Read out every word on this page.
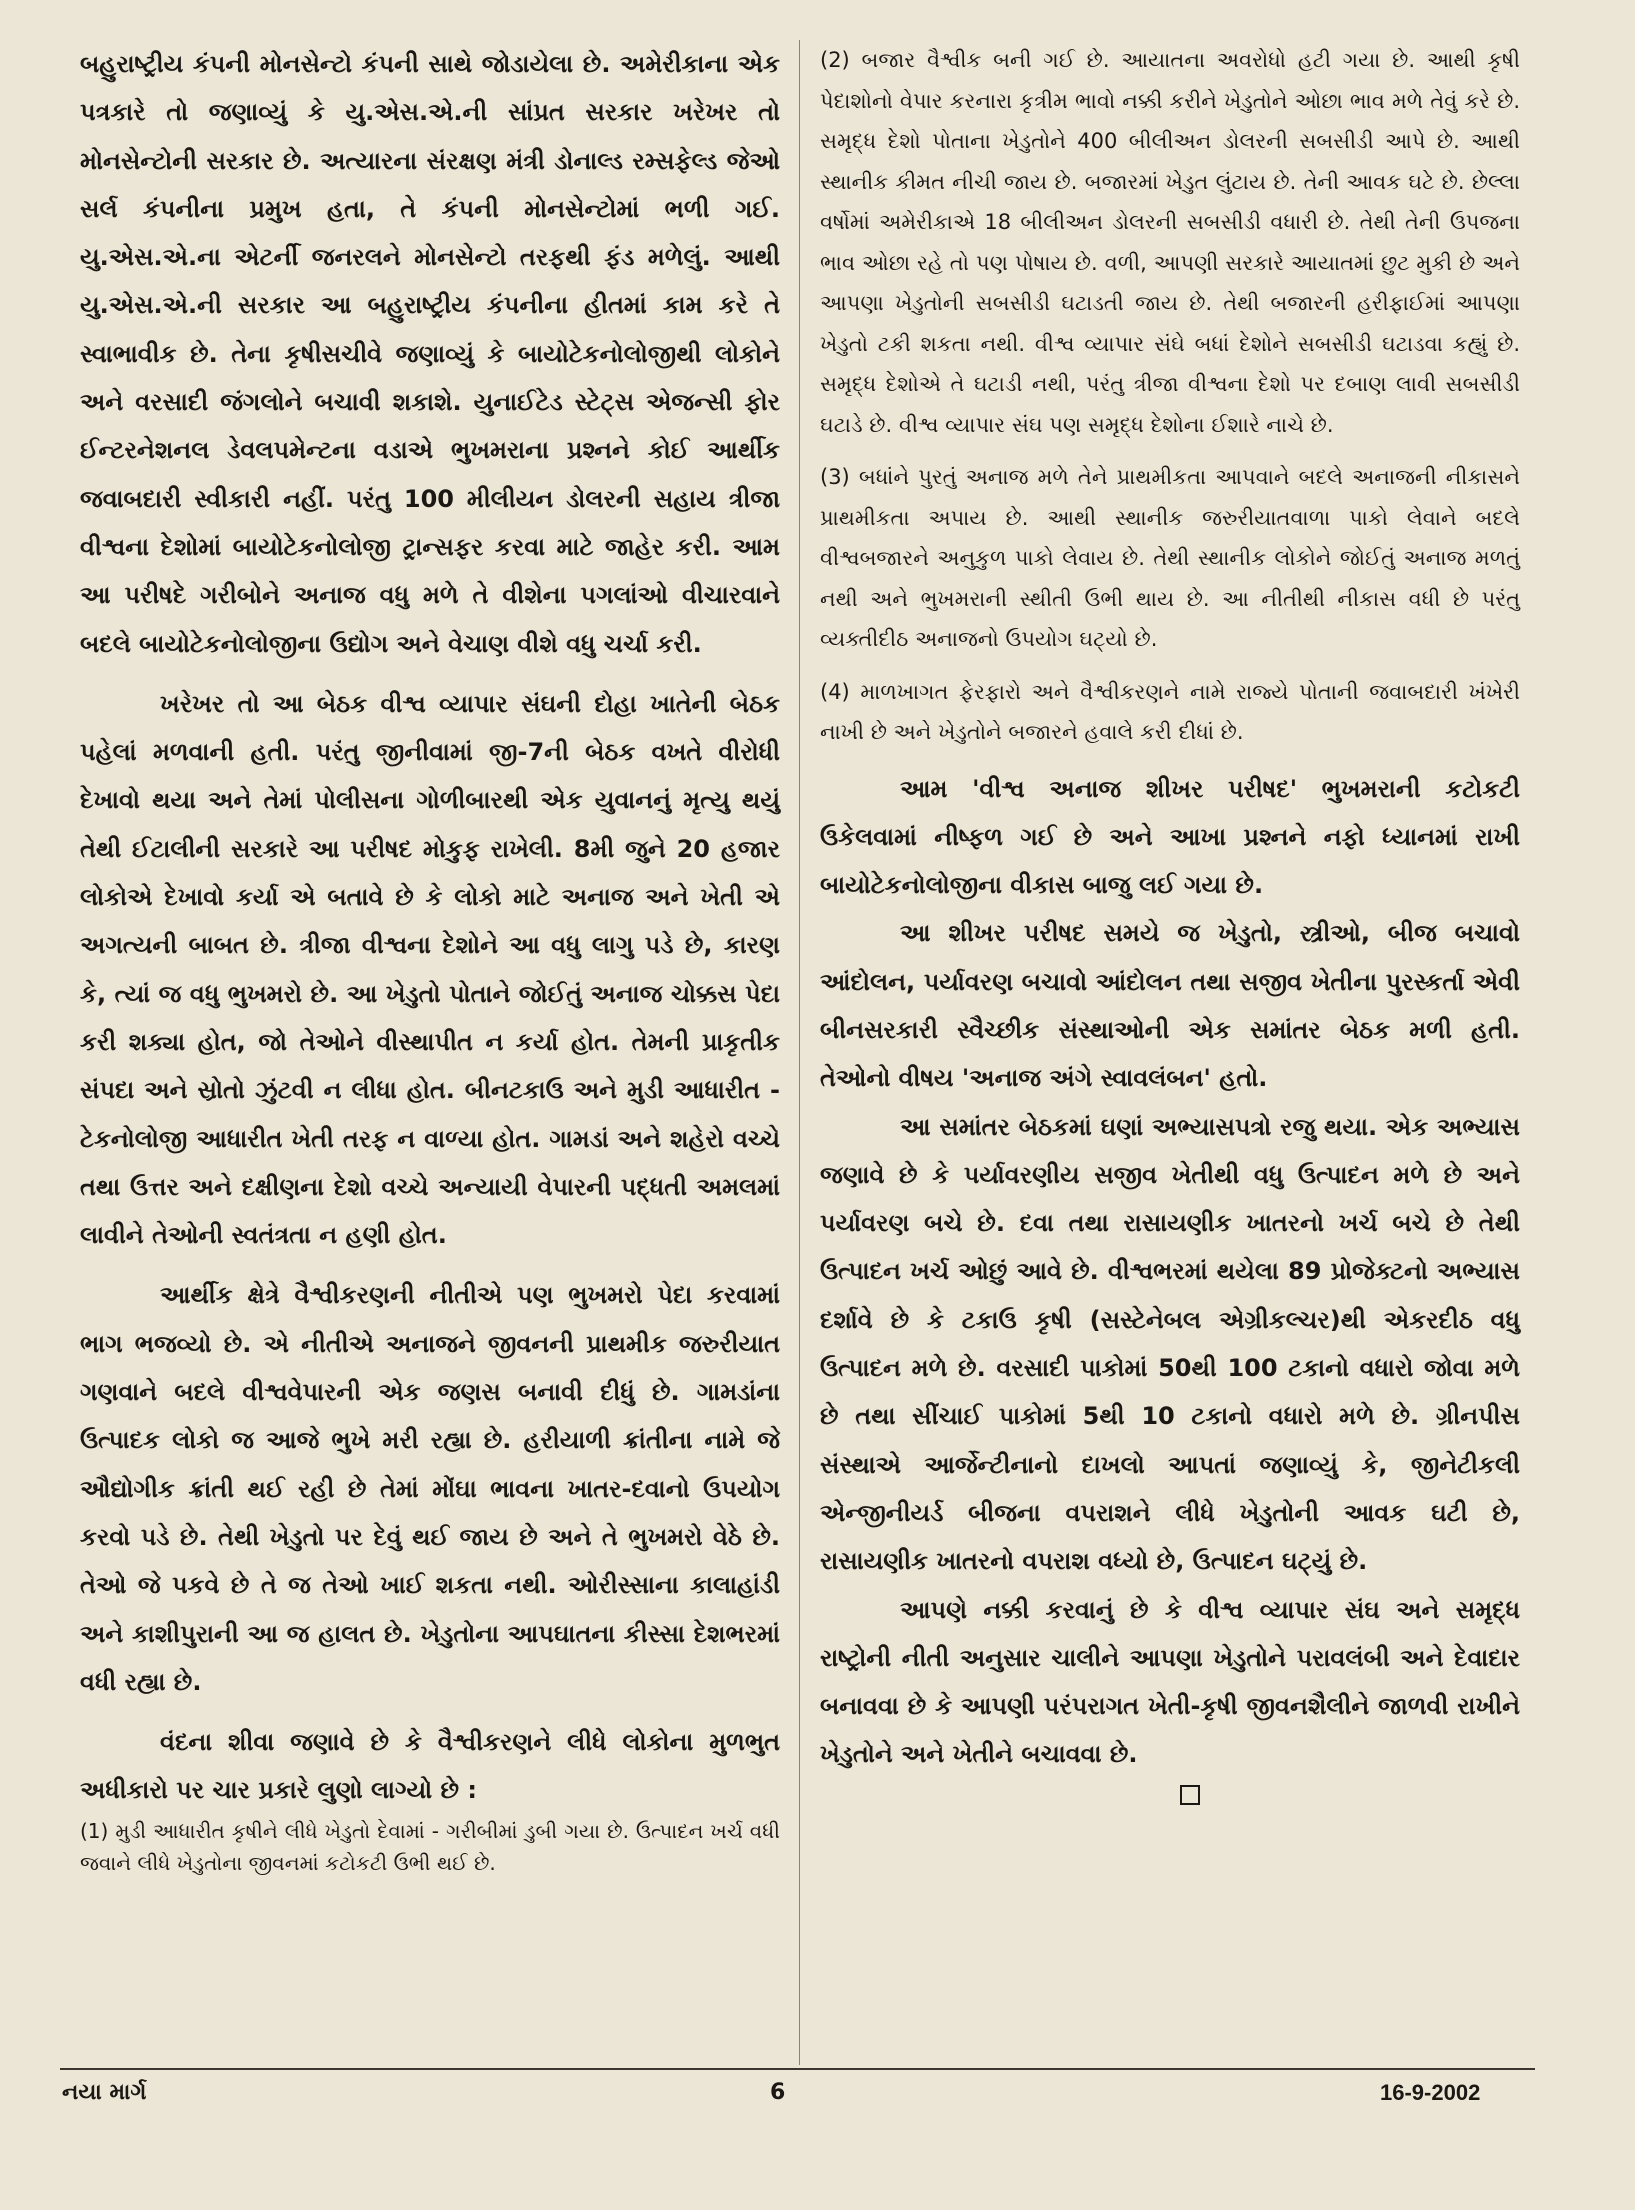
બહુરાષ્ટ્રીય કંપની મોનસેન્ટો કંપની સાથે જોડાયેલા છે. અમેરીકાના એક પત્રકારે તો જણાવ્યું કે યુ.એસ.એ.ની સાંપ્રત સરકાર ખરેખર તો મોનસેન્ટોની સરકાર છે. અત્યારના સંરક્ષણ મંત્રી ડોનાલ્ડ રમ્સફેલ્ડ જેઓ સર્લ કંપનીના પ્રમુખ હતા, તે કંપની મોનસેન્ટોમાં ભળી ગઈ. યુ.એસ.એ.ના એટર્ની જનરલને મોનસેન્ટો તરફથી ફંડ મળેલું. આથી યુ.એસ.એ.ની સરકાર આ બહુરાષ્ટ્રીય કંપનીના હીતમાં કામ કરે તે સ્વાભાવીક છે. તેના કૃષીસચીવે જણાવ્યું કે બાયોટેકનોલોજીથી લોકોને અને વરસાદી જંગલોને બચાવી શકાશે. યુનાઈટેડ સ્ટેટ્સ એજન્સી ફોર ઈન્ટરનેશનલ ડેવલપમેન્ટના વડાએ ભુખમરાના પ્રશ્નને કોઈ આર્થીક જવાબદારી સ્વીકારી નહીં. પરંતુ 100 મીલીયન ડોલરની સહાય ત્રીજા વીશ્વના દેશોમાં બાયોટેકનોલોજી ટ્રાન્સફર કરવા માટે જાહેર કરી. આમ આ પરીષદે ગરીબોને અનાજ વધુ મળે તે વીશેના પગલાંઓ વીચારવાને બદલે બાયોટેકનોલોજીના ઉદ્યોગ અને વેચાણ વીશે વધુ ચર્ચા કરી.

ખરેખર તો આ બેઠક વીશ્વ વ્યાપાર સંઘની દોહા ખાતેની બેઠક પહેલાં મળવાની હતી. પરંતુ જીનીવામાં જી-7ની બેઠક વખતે વીરોધી દેખાવો થયા અને તેમાં પોલીસના ગોળીબારથી એક યુવાનનું મૃત્યુ થયું તેથી ઈટાલીની સરકારે આ પરીષદ મોકુફ રાખેલી. 8મી જુને 20 હજાર લોકોએ દેખાવો કર્યા એ બતાવે છે કે લોકો માટે અનાજ અને ખેતી એ અગત્યની બાબત છે. ત્રીજા વીશ્વના દેશોને આ વધુ લાગુ પડે છે, કારણ કે, ત્યાં જ વધુ ભુખમરો છે. આ ખેડુતો પોતાને જોઈતું અનાજ ચોક્કસ પેદા કરી શક્યા હોત, જો તેઓને વીસ્થાપીત ન કર્યા હોત. તેમની પ્રાકૃતીક સંપદા અને સ્રોતો ઝુંટવી ન લીધા હોત. બીનટકાઉ અને મુડી આધારીત - ટેકનોલોજી આધારીત ખેતી તરફ ન વાળ્યા હોત. ગામડાં અને શહેરો વચ્ચે તથા ઉત્તર અને દક્ષીણના દેશો વચ્ચે અન્યાયી વેપારની પદ્ધતી અમલમાં લાવીને તેઓની સ્વતંત્રતા ન હણી હોત.

આર્થીક ક્ષેત્રે વૈશ્વીકરણની નીતીએ પણ ભુખમરો પેદા કરવામાં ભાગ ભજવ્યો છે. એ નીતીએ અનાજને જીવનની પ્રાથમીક જરુરીયાત ગણવાને બદલે વીશ્વવેપારની એક જણસ બનાવી દીધું છે. ગામડાંના ઉત્પાદક લોકો જ આજે ભુખે મરી રહ્યા છે. હરીયાળી ક્રાંતીના નામે જે ઔદ્યોગીક ક્રાંતી થઈ રહી છે તેમાં મોંઘા ભાવના ખાતર-દવાનો ઉપયોગ કરવો પડે છે. તેથી ખેડુતો પર દેવું થઈ જાય છે અને તે ભુખમરો વેઠે છે. તેઓ જે પકવે છે તે જ તેઓ ખાઈ શકતા નથી. ઓરીસ્સાના કાલાહાંડી અને કાશીપુરાની આ જ હાલત છે. ખેડુતોના આપઘાતના કીસ્સા દેશભરમાં વધી રહ્યા છે.

વંદના શીવા જણાવે છે કે વૈશ્વીકરણને લીધે લોકોના મુળભુત અધીકારો પર ચાર પ્રકારે લુણો લાગ્યો છે :

(1) મુડી આધારીત કૃષીને લીધે ખેડુતો દેવામાં - ગરીબીમાં ડુબી ગયા છે. ઉત્પાદન ખર્ચ વધી જવાને લીધે ખેડુતોના જીવનમાં કટોકટી ઉભી થઈ છે.

(2) બજાર વૈશ્વીક બની ગઈ છે. આયાતના અવરોધો હટી ગયા છે. આથી કૃષી પેદાશોનો વેપાર કરનારા કૃત્રીમ ભાવો નક્કી કરીને ખેડુતોને ઓછા ભાવ મળે તેવું કરે છે. સમૃદ્ધ દેશો પોતાના ખેડુતોને 400 બીલીઅન ડોલરની સબસીડી આપે છે. આથી સ્થાનીક કીમત નીચી જાય છે. બજારમાં ખેડુત લુંટાય છે. તેની આવક ઘટે છે. છેલ્લા વર્ષોમાં અમેરીકાએ 18 બીલીઅન ડોલરની સબસીડી વધારી છે. તેથી તેની ઉપજના ભાવ ઓછા રહે તો પણ પોષાય છે. વળી, આપણી સરકારે આયાતમાં છુટ મુકી છે અને આપણા ખેડુતોની સબસીડી ઘટાડતી જાય છે. તેથી બજારની હરીફાઈમાં આપણા ખેડુતો ટકી શકતા નથી. વીશ્વ વ્યાપાર સંઘે બધાં દેશોને સબસીડી ઘટાડવા કહ્યું છે. સમૃદ્ધ દેશોએ તે ઘટાડી નથી, પરંતુ ત્રીજા વીશ્વના દેશો પર દબાણ લાવી સબસીડી ઘટાડે છે. વીશ્વ વ્યાપાર સંઘ પણ સમૃદ્ધ દેશોના ઈશારે નાચે છે.

(3) બધાંને પુરતું અનાજ મળે તેને પ્રાથમીકતા આપવાને બદલે અનાજની નીકાસને પ્રાથમીકતા અપાય છે. આથી સ્થાનીક જરુરીયાતવાળા પાકો લેવાને બદલે વીશ્વબજારને અનુકુળ પાકો લેવાય છે. તેથી સ્થાનીક લોકોને જોઈતું અનાજ મળતું નથી અને ભુખમરાની સ્થીતી ઉભી થાય છે. આ નીતીથી નીકાસ વધી છે પરંતુ વ્યક્તીદીઠ અનાજનો ઉપયોગ ઘટ્યો છે.

(4) માળખાગત ફેરફારો અને વૈશ્વીકરણને નામે રાજ્યે પોતાની જવાબદારી ખંખેરી નાખી છે અને ખેડુતોને બજારને હવાલે કરી દીધાં છે.

આમ 'વીશ્વ અનાજ શીખર પરીષદ' ભુખમરાની કટોકટી ઉકેલવામાં નીષ્ફળ ગઈ છે અને આખા પ્રશ્નને નફો ધ્યાનમાં રાખી બાયોટેકનોલોજીના વીકાસ બાજુ લઈ ગયા છે.

આ શીખર પરીષદ સમયે જ ખેડુતો, સ્ત્રીઓ, બીજ બચાવો આંદોલન, પર્યાવરણ બચાવો આંદોલન તથા સજીવ ખેતીના પુરસ્કર્તા એવી બીનસરકારી સ્વૈચ્છીક સંસ્થાઓની એક સમાંતર બેઠક મળી હતી. તેઓનો વીષય 'અનાજ અંગે સ્વાવલંબન' હતો.

આ સમાંતર બેઠકમાં ઘણાં અભ્યાસપત્રો રજુ થયા. એક અભ્યાસ જણાવે છે કે પર્યાવરણીય સજીવ ખેતીથી વધુ ઉત્પાદન મળે છે અને પર્યાવરણ બચે છે. દવા તથા રાસાયણીક ખાતરનો ખર્ચ બચે છે તેથી ઉત્પાદન ખર્ચ ઓછું આવે છે. વીશ્વભરમાં થયેલા 89 પ્રોજેક્ટનો અભ્યાસ દર્શાવે છે કે ટકાઉ કૃષી (સસ્ટેનેબલ એગ્રીકલ્ચર)થી એકરદીઠ વધુ ઉત્પાદન મળે છે. વરસાદી પાકોમાં 50થી 100 ટકાનો વધારો જોવા મળે છે તથા સીંચાઈ પાકોમાં 5થી 10 ટકાનો વધારો મળે છે. ગ્રીનપીસ સંસ્થાએ આર્જેન્ટીનાનો દાખલો આપતાં જણાવ્યું કે, જીનેટીકલી એન્જીનીયર્ડ બીજના વપરાશને લીધે ખેડુતોની આવક ઘટી છે, રાસાયણીક ખાતરનો વપરાશ વધ્યો છે, ઉત્પાદન ઘટ્યું છે.

આપણે નક્કી કરવાનું છે કે વીશ્વ વ્યાપાર સંઘ અને સમૃદ્ધ રાષ્ટ્રોની નીતી અનુસાર ચાલીને આપણા ખેડુતોને પરાવલંબી અને દેવાદાર બનાવવા છે કે આપણી પરંપરાગત ખેતી-કૃષી જીવનશૈલીને જાળવી રાખીને ખેડુતોને અને ખેતીને બચાવવા છે.

નયા માર્ગ	6	16-9-2002
